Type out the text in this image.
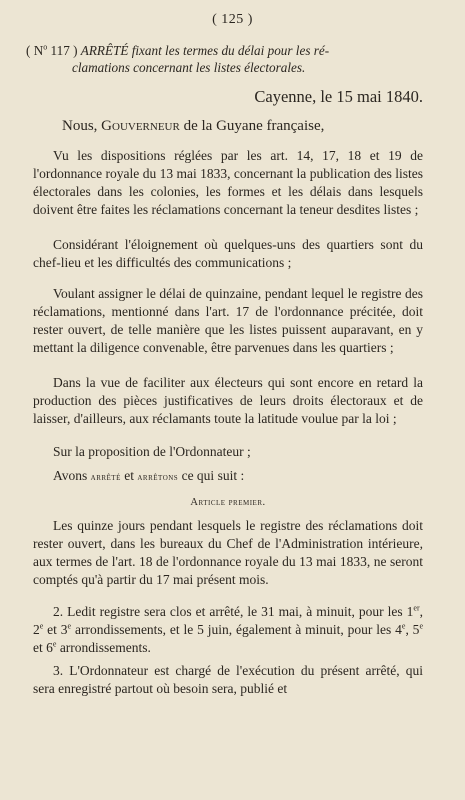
( 125 )
( $N^o$ 117 ) ARRÊTÉ fixant les termes du délai pour les ré-
clamations concernant les listes électorales.
Cayenne, le 15 mai 1840.
Nous, Gouverneur de la Guyane française,
Vu les dispositions réglées par les art. 14, 17, 18 et 19 de l'ordonnance royale du 13 mai 1833, concernant la publication des listes électorales dans les colonies, les formes et les délais dans lesquels doivent être faites les réclamations concernant la teneur desdites listes ;
Considérant l'éloignement où quelques-uns des quartiers sont du chef-lieu et les difficultés des communications ;
Voulant assigner le délai de quinzaine, pendant lequel le registre des réclamations, mentionné dans l'art. 17 de l'ordonnance précitée, doit rester ouvert, de telle manière que les listes puissent auparavant, en y mettant la diligence convenable, être parvenues dans les quartiers ;
Dans la vue de faciliter aux électeurs qui sont encore en retard la production des pièces justificatives de leurs droits électoraux et de laisser, d'ailleurs, aux réclamants toute la latitude voulue par la loi ;
Sur la proposition de l'Ordonnateur ;
Avons arrêté et arrêtons ce qui suit :
Article premier.
Les quinze jours pendant lesquels le registre des réclamations doit rester ouvert, dans les bureaux du Chef de l'Administration intérieure, aux termes de l'art. 18 de l'ordonnance royale du 13 mai 1833, ne seront comptés qu'à partir du 17 mai présent mois.
2. Ledit registre sera clos et arrêté, le 31 mai, à minuit, pour les 1er, 2e et 3e arrondissements, et le 5 juin, également à minuit, pour les 4e, 5e et 6e arrondissements.
3. L'Ordonnateur est chargé de l'exécution du présent arrêté, qui sera enregistré partout où besoin sera, publié et
